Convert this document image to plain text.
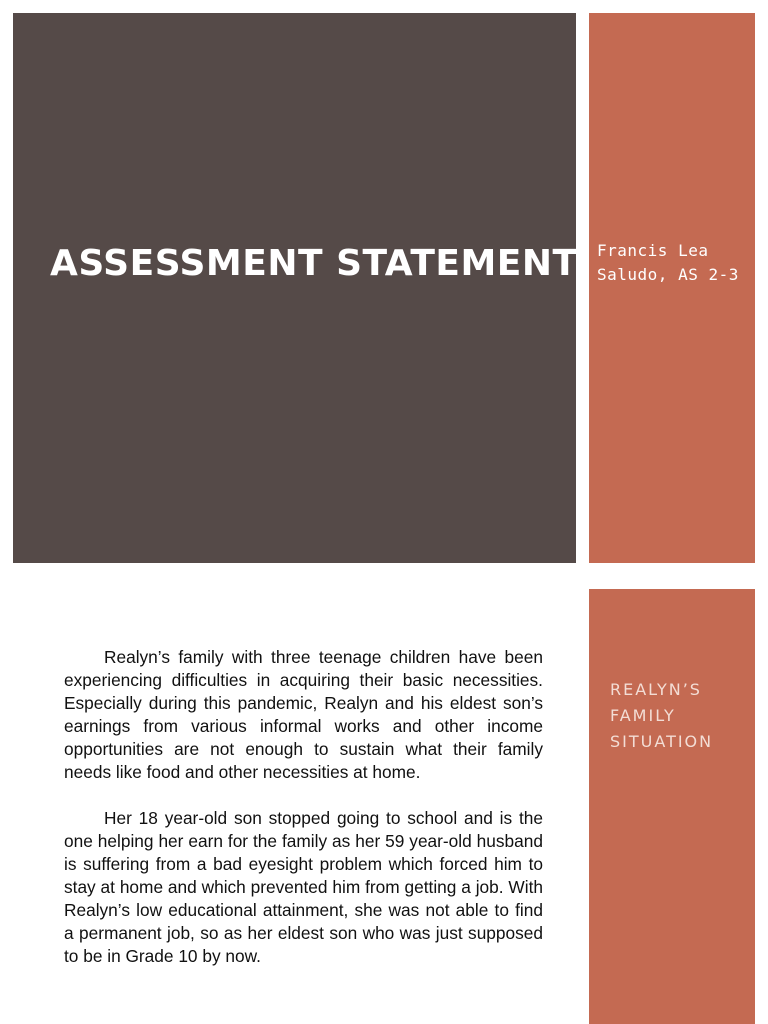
ASSESSMENT STATEMENT Francis Lea Saludo, AS 2-3
REALYN’S FAMILY SITUATION

Realyn’s family with three teenage children have been experiencing difficulties in acquiring their basic necessities. Especially during this pandemic, Realyn and his eldest son’s earnings from various informal works and other income opportunities are not enough to sustain what their family needs like food and other necessities at home.

Her 18 year-old son stopped going to school and is the one helping her earn for the family as her 59 year-old husband is suffering from a bad eyesight problem which forced him to stay at home and which prevented him from getting a job. With Realyn’s low educational attainment, she was not able to find a permanent job, so as her eldest son who was just supposed to be in Grade 10 by now.
